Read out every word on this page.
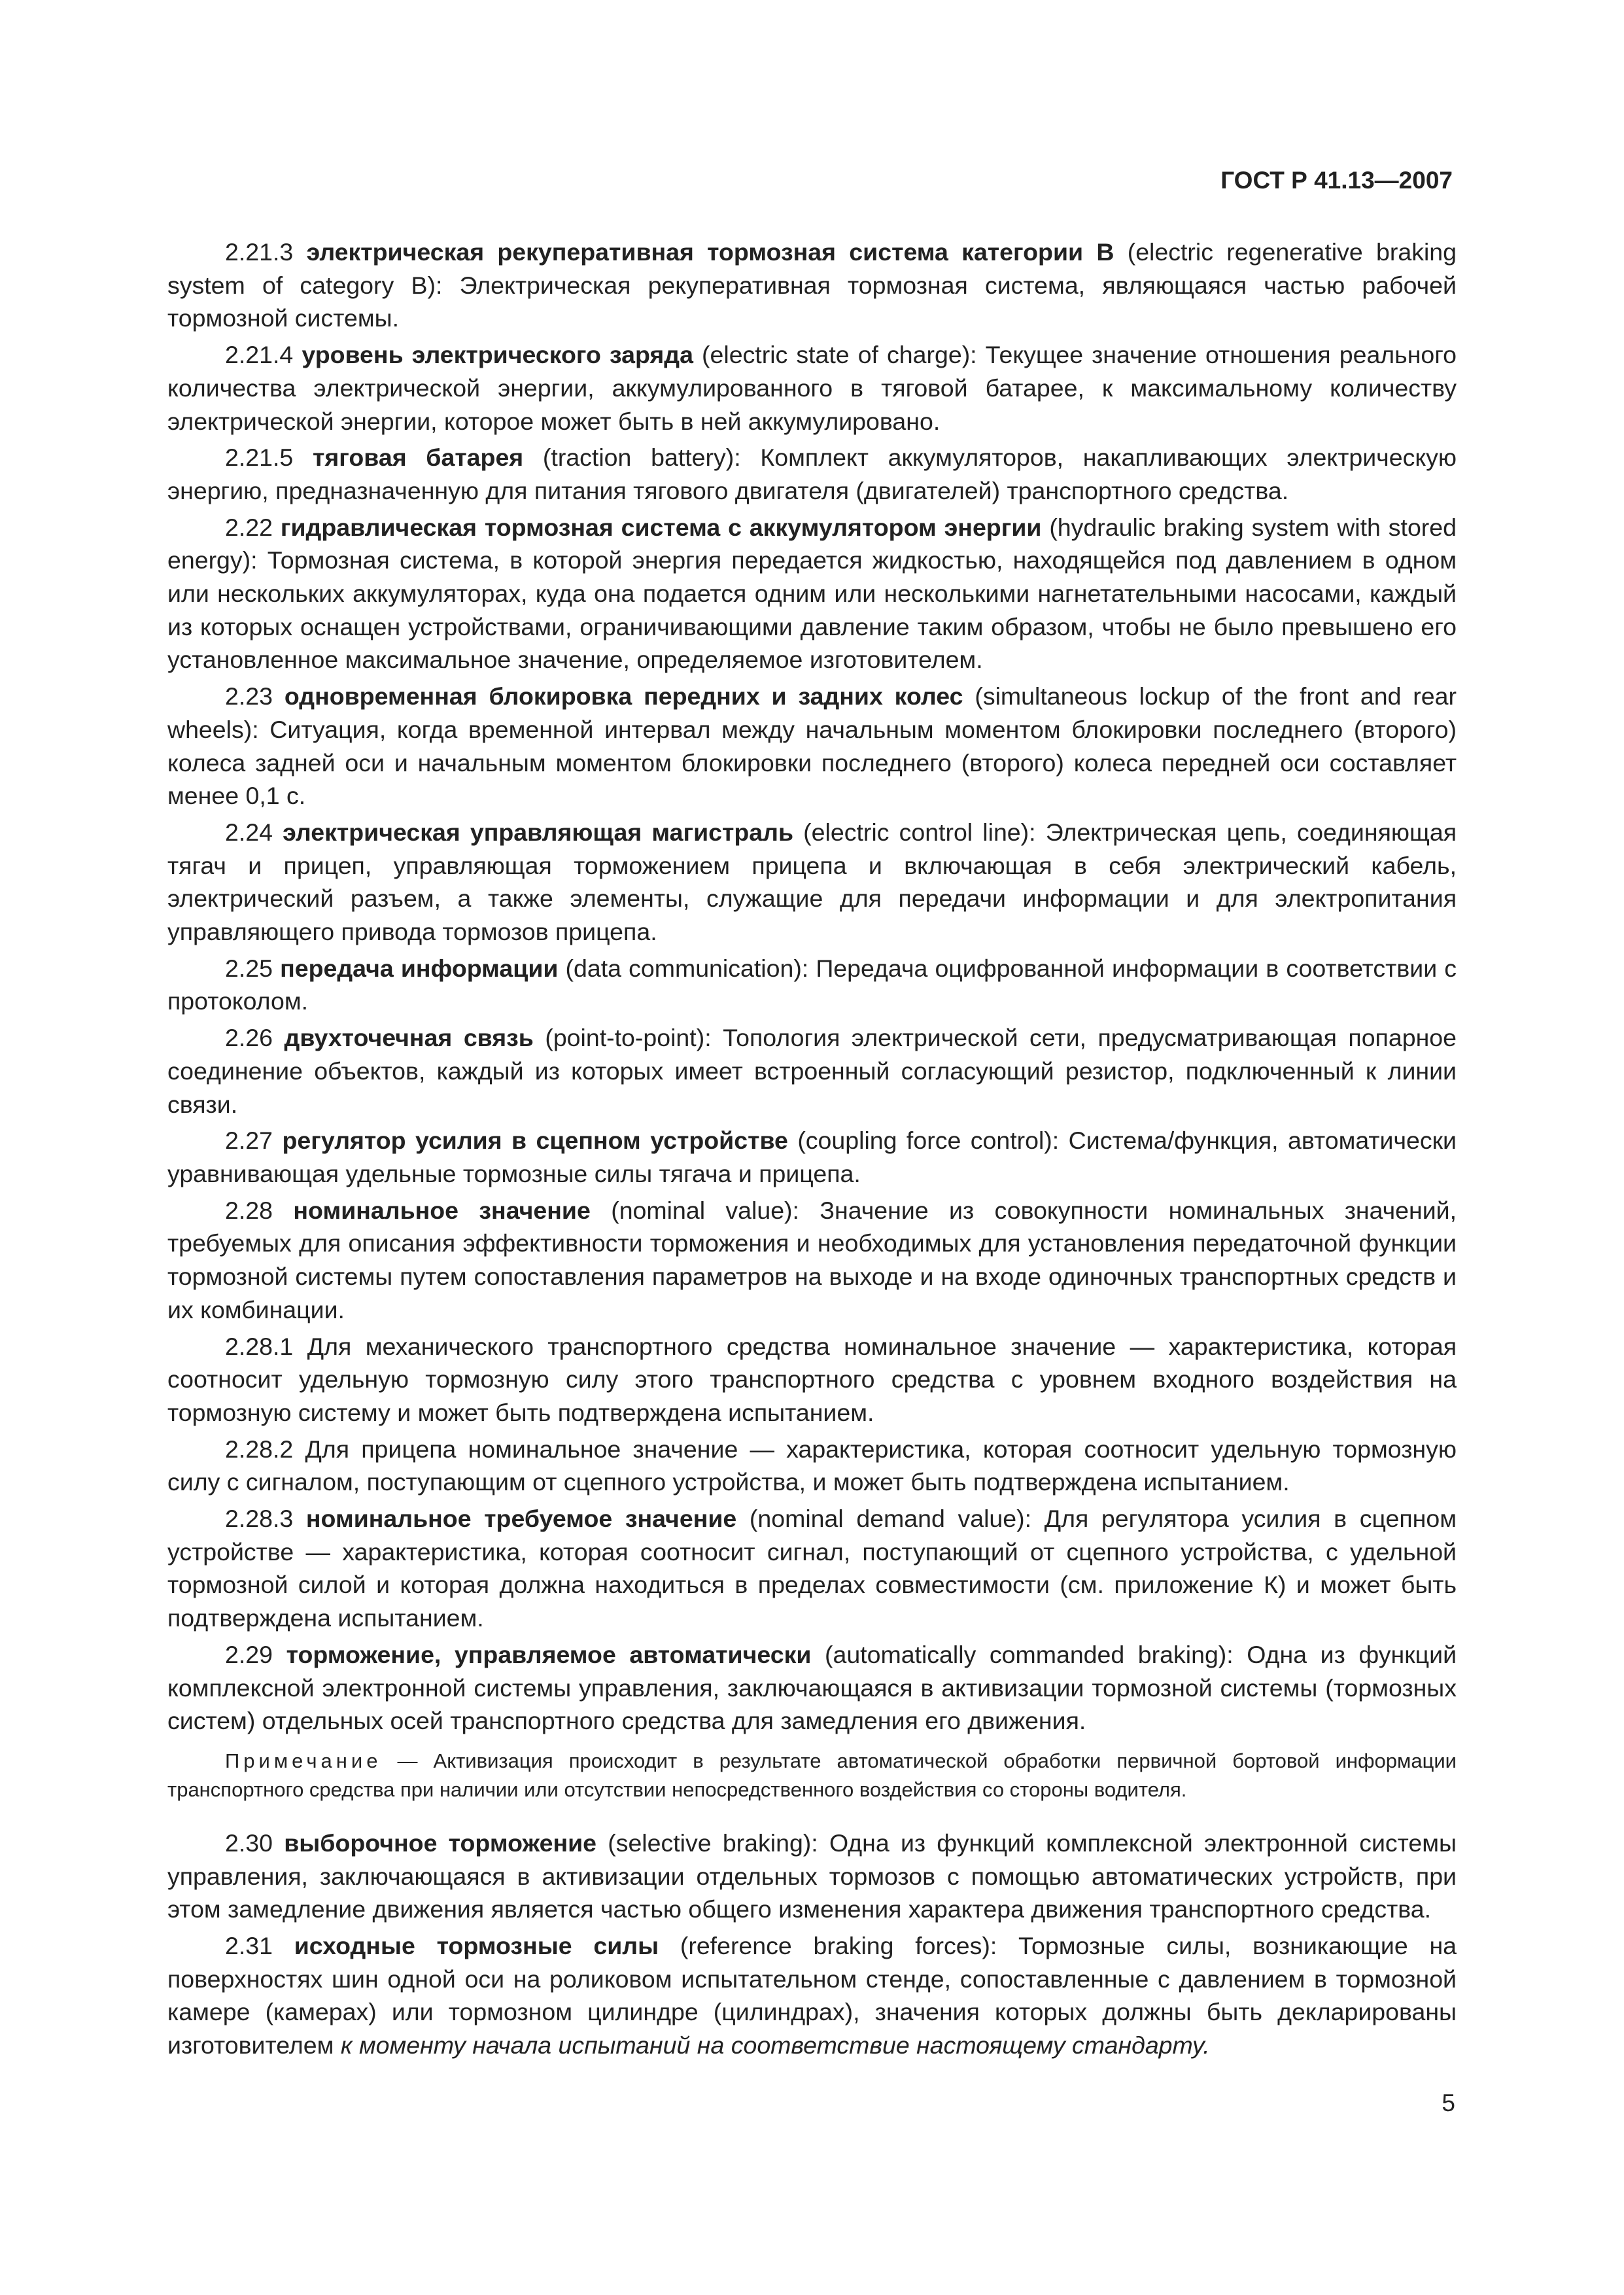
ГОСТ Р 41.13—2007

2.21.3 электрическая рекуперативная тормозная система категории В (electric regenerative braking system of category B): Электрическая рекуперативная тормозная система, являющаяся частью рабочей тормозной системы.

2.21.4 уровень электрического заряда (electric state of charge): Текущее значение отношения реального количества электрической энергии, аккумулированного в тяговой батарее, к максимальному количеству электрической энергии, которое может быть в ней аккумулировано.

2.21.5 тяговая батарея (traction battery): Комплект аккумуляторов, накапливающих электрическую энергию, предназначенную для питания тягового двигателя (двигателей) транспортного средства.

2.22 гидравлическая тормозная система с аккумулятором энергии (hydraulic braking system with stored energy): Тормозная система, в которой энергия передается жидкостью, находящейся под давлением в одном или нескольких аккумуляторах, куда она подается одним или несколькими нагнетательными насосами, каждый из которых оснащен устройствами, ограничивающими давление таким образом, чтобы не было превышено его установленное максимальное значение, определяемое изготовителем.

2.23 одновременная блокировка передних и задних колес (simultaneous lockup of the front and rear wheels): Ситуация, когда временной интервал между начальным моментом блокировки последнего (второго) колеса задней оси и начальным моментом блокировки последнего (второго) колеса передней оси составляет менее 0,1 с.

2.24 электрическая управляющая магистраль (electric control line): Электрическая цепь, соединяющая тягач и прицеп, управляющая торможением прицепа и включающая в себя электрический кабель, электрический разъем, а также элементы, служащие для передачи информации и для электропитания управляющего привода тормозов прицепа.

2.25 передача информации (data communication): Передача оцифрованной информации в соответствии с протоколом.

2.26 двухточечная связь (point-to-point): Топология электрической сети, предусматривающая попарное соединение объектов, каждый из которых имеет встроенный согласующий резистор, подключенный к линии связи.

2.27 регулятор усилия в сцепном устройстве (coupling force control): Система/функция, автоматически уравнивающая удельные тормозные силы тягача и прицепа.

2.28 номинальное значение (nominal value): Значение из совокупности номинальных значений, требуемых для описания эффективности торможения и необходимых для установления передаточной функции тормозной системы путем сопоставления параметров на выходе и на входе одиночных транспортных средств и их комбинации.

2.28.1 Для механического транспортного средства номинальное значение — характеристика, которая соотносит удельную тормозную силу этого транспортного средства с уровнем входного воздействия на тормозную систему и может быть подтверждена испытанием.

2.28.2 Для прицепа номинальное значение — характеристика, которая соотносит удельную тормозную силу с сигналом, поступающим от сцепного устройства, и может быть подтверждена испытанием.

2.28.3 номинальное требуемое значение (nominal demand value): Для регулятора усилия в сцепном устройстве — характеристика, которая соотносит сигнал, поступающий от сцепного устройства, с удельной тормозной силой и которая должна находиться в пределах совместимости (см. приложение К) и может быть подтверждена испытанием.

2.29 торможение, управляемое автоматически (automatically commanded braking): Одна из функций комплексной электронной системы управления, заключающаяся в активизации тормозной системы (тормозных систем) отдельных осей транспортного средства для замедления его движения.

Примечание — Активизация происходит в результате автоматической обработки первичной бортовой информации транспортного средства при наличии или отсутствии непосредственного воздействия со стороны водителя.

2.30 выборочное торможение (selective braking): Одна из функций комплексной электронной системы управления, заключающаяся в активизации отдельных тормозов с помощью автоматических устройств, при этом замедление движения является частью общего изменения характера движения транспортного средства.

2.31 исходные тормозные силы (reference braking forces): Тормозные силы, возникающие на поверхностях шин одной оси на роликовом испытательном стенде, сопоставленные с давлением в тормозной камере (камерах) или тормозном цилиндре (цилиндрах), значения которых должны быть декларированы изготовителем к моменту начала испытаний на соответствие настоящему стандарту.

5
